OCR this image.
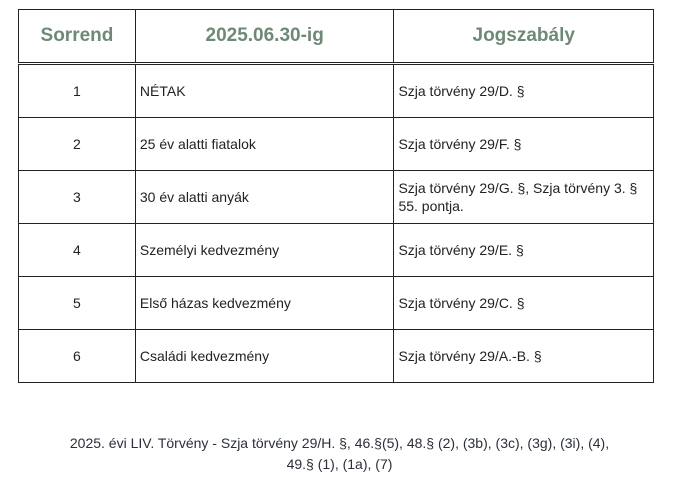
Sorrend	2025.06.30-ig	Jogszabály
1	NÉTAK	Szja törvény 29/D. §
2	25 év alatti fiatalok	Szja törvény 29/F. §
3	30 év alatti anyák	Szja törvény 29/G. §, Szja törvény 3. § 55. pontja.
4	Személyi kedvezmény	Szja törvény 29/E. §
5	Első házas kedvezmény	Szja törvény 29/C. §
6	Családi kedvezmény	Szja törvény 29/A.-B. §
2025. évi LIV. Törvény - Szja törvény 29/H. §, 46.§(5), 48.§ (2), (3b), (3c), (3g), (3i), (4),
49.§ (1), (1a), (7)
